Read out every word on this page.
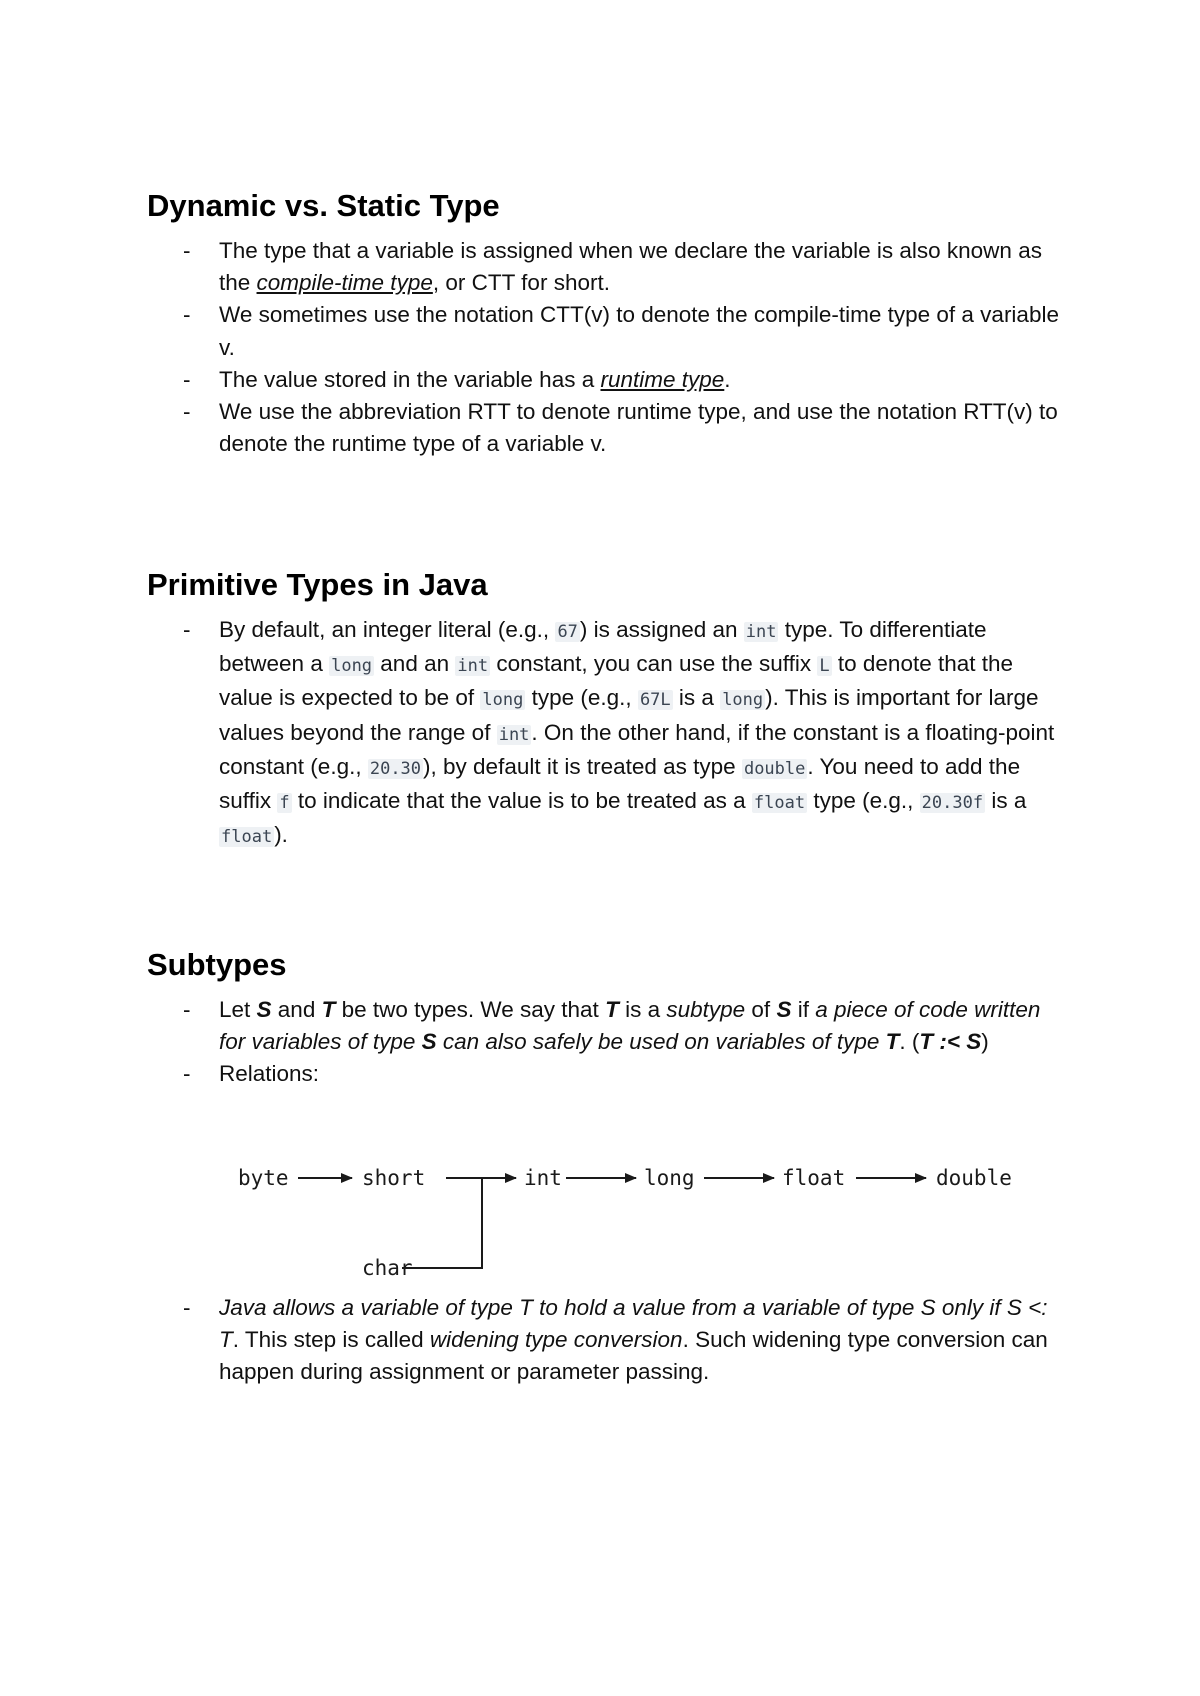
Dynamic vs. Static Type
- The type that a variable is assigned when we declare the variable is also known as the compile-time type, or CTT for short.
- We sometimes use the notation CTT(v) to denote the compile-time type of a variable v.
- The value stored in the variable has a runtime type.
- We use the abbreviation RTT to denote runtime type, and use the notation RTT(v) to denote the runtime type of a variable v.
Primitive Types in Java
- By default, an integer literal (e.g., 67) is assigned an int type. To differentiate between a long and an int constant, you can use the suffix L to denote that the value is expected to be of long type (e.g., 67L is a long). This is important for large values beyond the range of int. On the other hand, if the constant is a floating-point constant (e.g., 20.30), by default it is treated as type double. You need to add the suffix f to indicate that the value is to be treated as a float type (e.g., 20.30f is a float).
Subtypes
- Let S and T be two types. We say that T is a subtype of S if a piece of code written for variables of type S can also safely be used on variables of type T. (T :< S)
- Relations:
byte	short	int	long	float	double
char
- Java allows a variable of type T to hold a value from a variable of type S only if S <: T. This step is called widening type conversion. Such widening type conversion can happen during assignment or parameter passing.
